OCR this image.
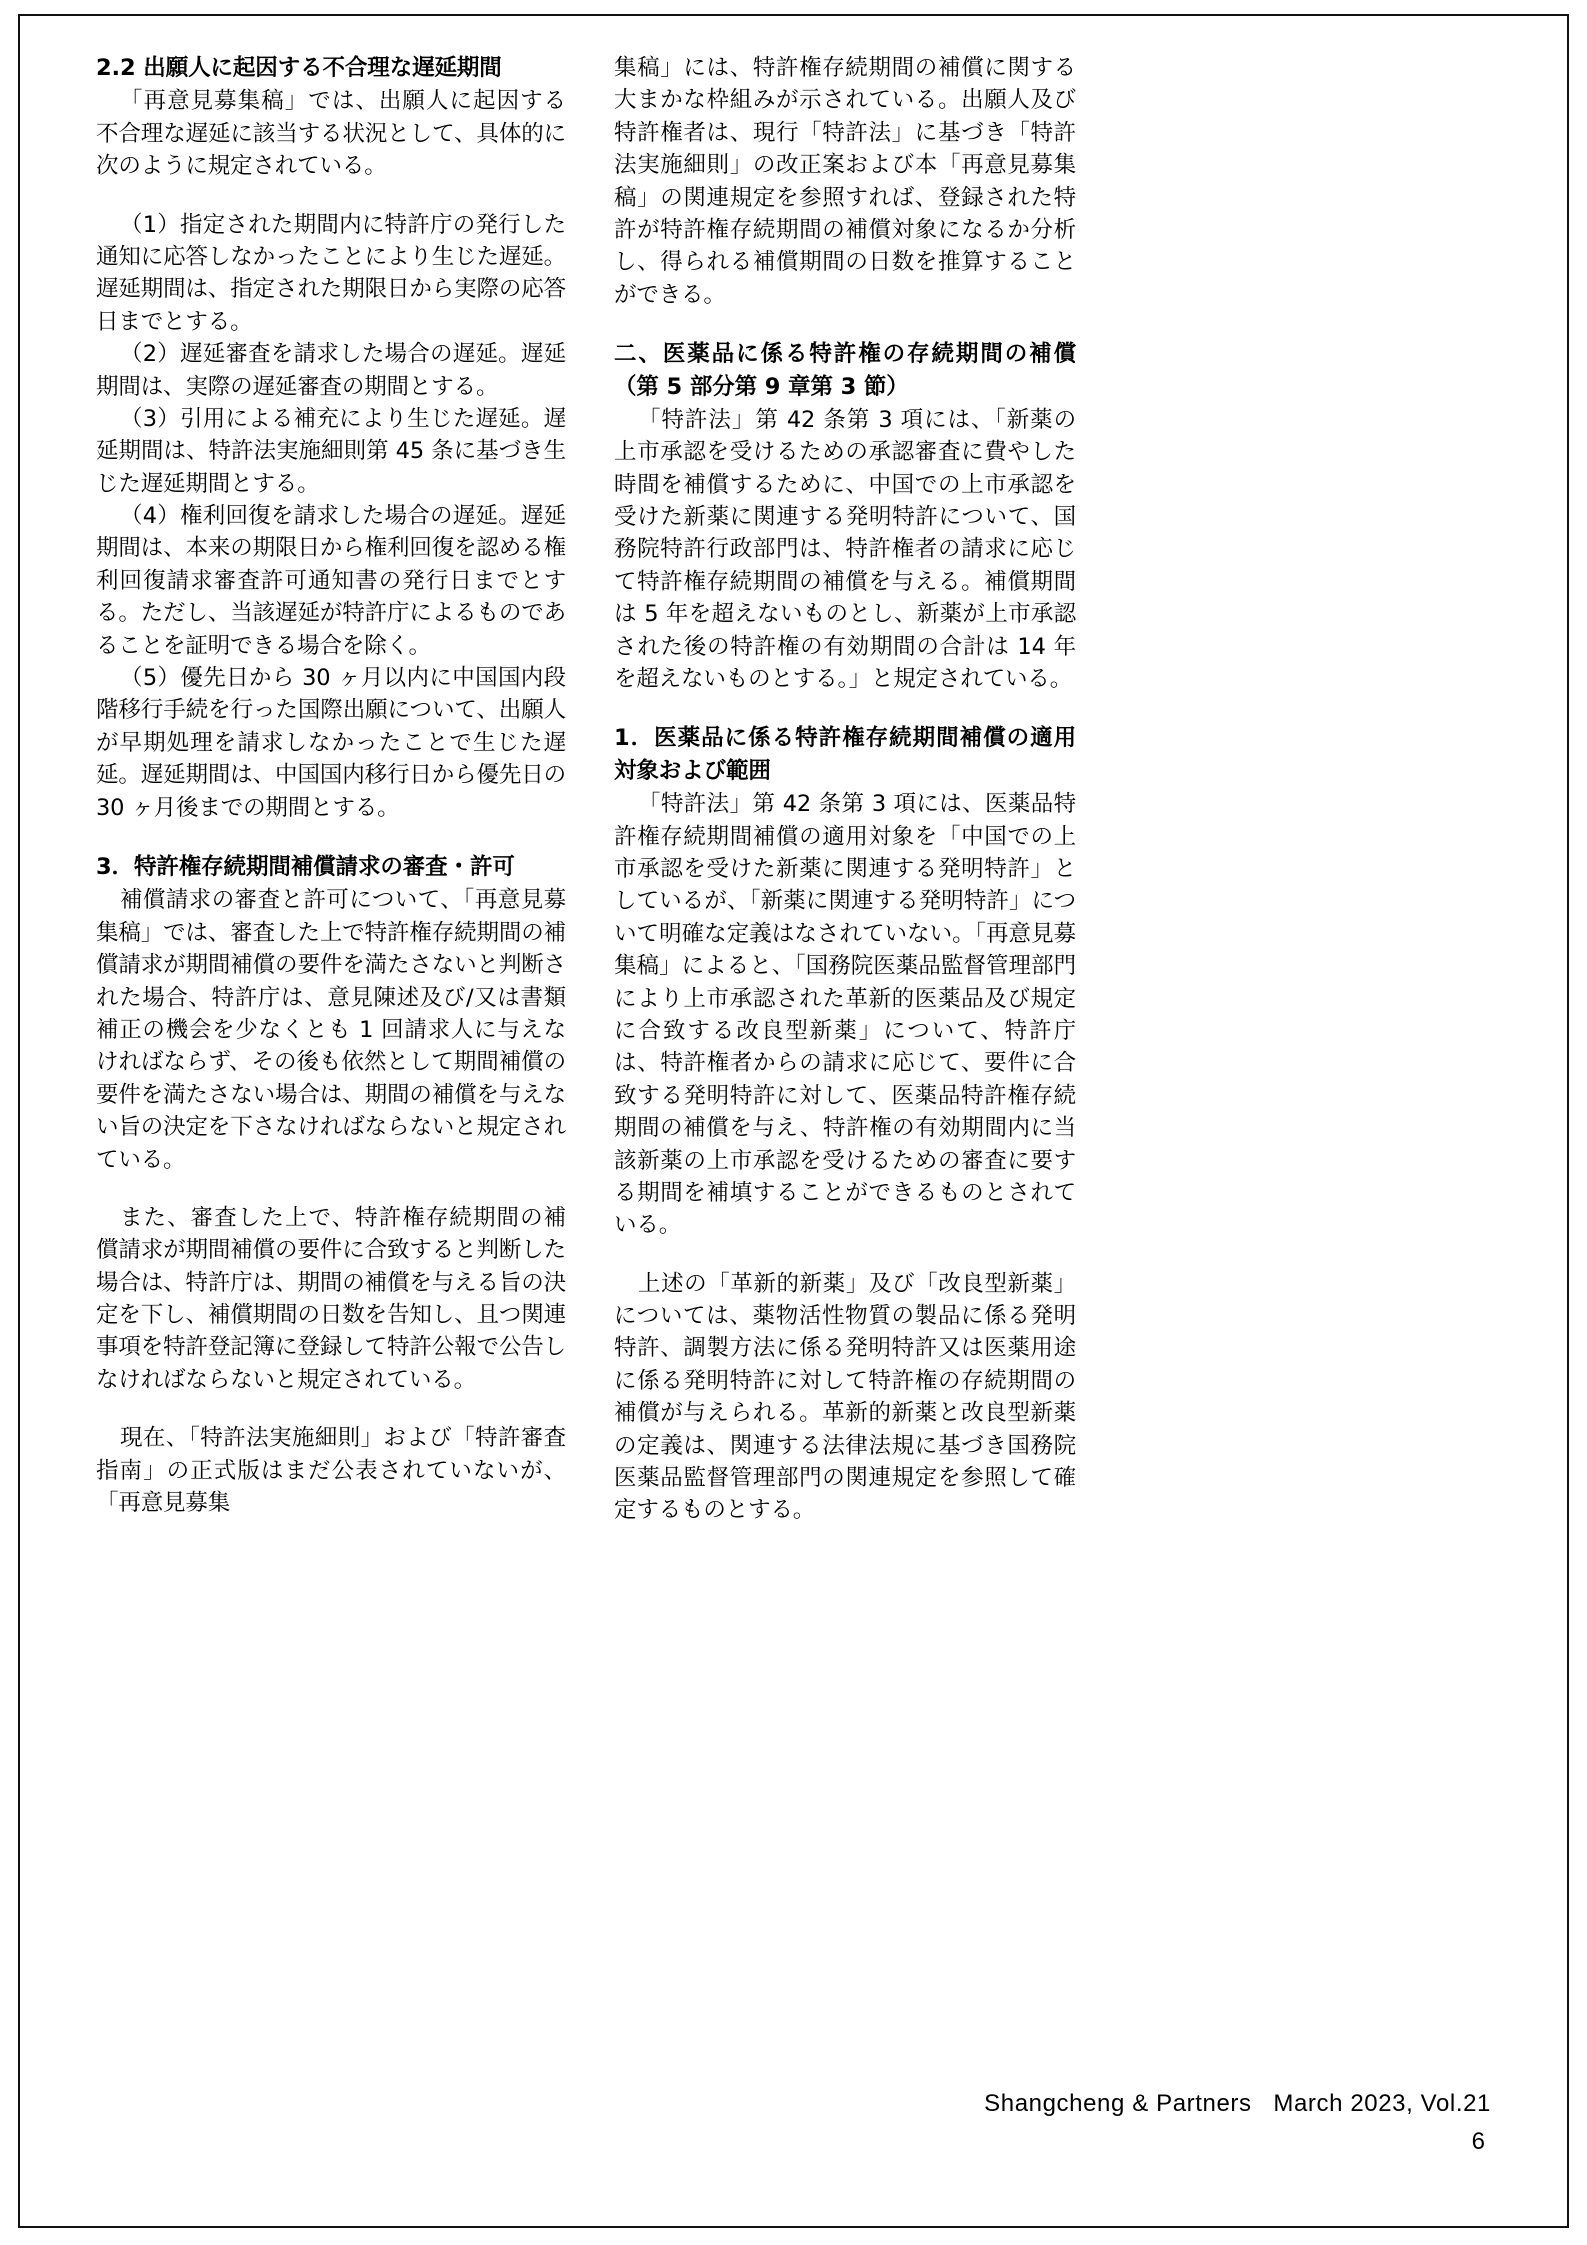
2.2 出願人に起因する不合理な遅延期間

「再意見募集稿」では、出願人に起因する不合理な遅延に該当する状況として、具体的に次のように規定されている。

（1）指定された期間内に特許庁の発行した通知に応答しなかったことにより生じた遅延。遅延期間は、指定された期限日から実際の応答日までとする。

（2）遅延審査を請求した場合の遅延。遅延期間は、実際の遅延審査の期間とする。

（3）引用による補充により生じた遅延。遅延期間は、特許法実施細則第 45 条に基づき生じた遅延期間とする。

（4）権利回復を請求した場合の遅延。遅延期間は、本来の期限日から権利回復を認める権利回復請求審査許可通知書の発行日までとする。ただし、当該遅延が特許庁によるものであることを証明できる場合を除く。

（5）優先日から 30 ヶ月以内に中国国内段階移行手続を行った国際出願について、出願人が早期処理を請求しなかったことで生じた遅延。遅延期間は、中国国内移行日から優先日の 30 ヶ月後までの期間とする。

3．特許権存続期間補償請求の審査・許可

補償請求の審査と許可について、「再意見募集稿」では、審査した上で特許権存続期間の補償請求が期間補償の要件を満たさないと判断された場合、特許庁は、意見陳述及び/又は書類補正の機会を少なくとも 1 回請求人に与えなければならず、その後も依然として期間補償の要件を満たさない場合は、期間の補償を与えない旨の決定を下さなければならないと規定されている。

また、審査した上で、特許権存続期間の補償請求が期間補償の要件に合致すると判断した場合は、特許庁は、期間の補償を与える旨の決定を下し、補償期間の日数を告知し、且つ関連事項を特許登記簿に登録して特許公報で公告しなければならないと規定されている。

現在、「特許法実施細則」および「特許審査指南」の正式版はまだ公表されていないが、「再意見募集

集稿」には、特許権存続期間の補償に関する大まかな枠組みが示されている。出願人及び特許権者は、現行「特許法」に基づき「特許法実施細則」の改正案および本「再意見募集稿」の関連規定を参照すれば、登録された特許が特許権存続期間の補償対象になるか分析し、得られる補償期間の日数を推算することができる。

二、医薬品に係る特許権の存続期間の補償（第 5 部分第 9 章第 3 節）

「特許法」第 42 条第 3 項には、「新薬の上市承認を受けるための承認審査に費やした時間を補償するために、中国での上市承認を受けた新薬に関連する発明特許について、国務院特許行政部門は、特許権者の請求に応じて特許権存続期間の補償を与える。補償期間は 5 年を超えないものとし、新薬が上市承認された後の特許権の有効期間の合計は 14 年を超えないものとする。」と規定されている。

1．医薬品に係る特許権存続期間補償の適用対象および範囲

「特許法」第 42 条第 3 項には、医薬品特許権存続期間補償の適用対象を「中国での上市承認を受けた新薬に関連する発明特許」としているが、「新薬に関連する発明特許」について明確な定義はなされていない。「再意見募集稿」によると、「国務院医薬品監督管理部門により上市承認された革新的医薬品及び規定に合致する改良型新薬」について、特許庁は、特許権者からの請求に応じて、要件に合致する発明特許に対して、医薬品特許権存続期間の補償を与え、特許権の有効期間内に当該新薬の上市承認を受けるための審査に要する期間を補填することができるものとされている。

上述の「革新的新薬」及び「改良型新薬」については、薬物活性物質の製品に係る発明特許、調製方法に係る発明特許又は医薬用途に係る発明特許に対して特許権の存続期間の補償が与えられる。革新的新薬と改良型新薬の定義は、関連する法律法規に基づき国務院医薬品監督管理部門の関連規定を参照して確定するものとする。

Shangcheng & Partners   March 2023, Vol.21
6
